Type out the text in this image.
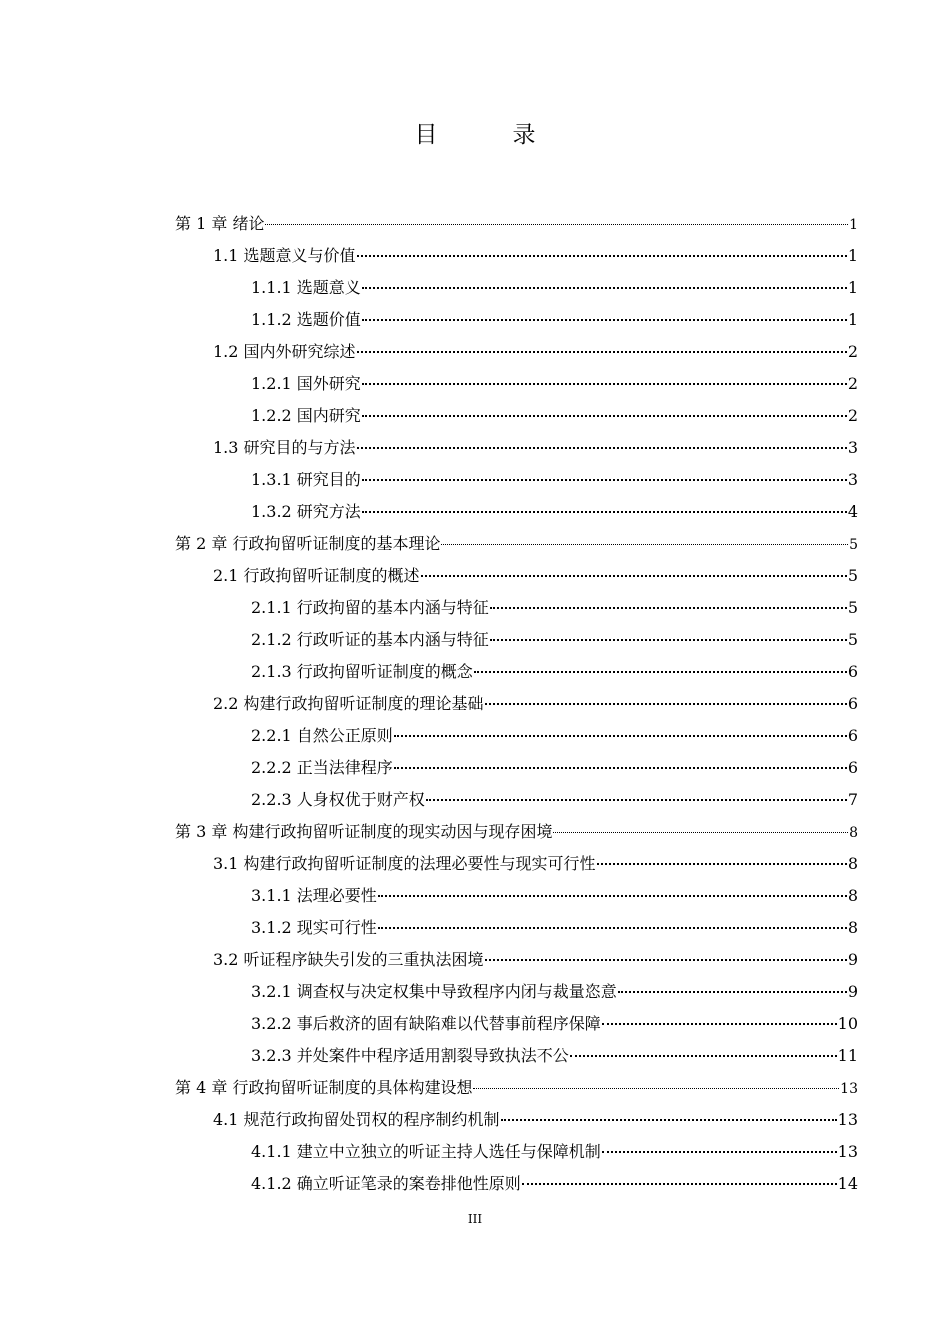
目　录
第 1 章 绪论	1
1.1 选题意义与价值	1
1.1.1 选题意义	1
1.1.2 选题价值	1
1.2 国内外研究综述	2
1.2.1 国外研究	2
1.2.2 国内研究	2
1.3 研究目的与方法	3
1.3.1 研究目的	3
1.3.2 研究方法	4
第 2 章 行政拘留听证制度的基本理论	5
2.1 行政拘留听证制度的概述	5
2.1.1 行政拘留的基本内涵与特征	5
2.1.2 行政听证的基本内涵与特征	5
2.1.3 行政拘留听证制度的概念	6
2.2 构建行政拘留听证制度的理论基础	6
2.2.1 自然公正原则	6
2.2.2 正当法律程序	6
2.2.3 人身权优于财产权	7
第 3 章 构建行政拘留听证制度的现实动因与现存困境	8
3.1 构建行政拘留听证制度的法理必要性与现实可行性	8
3.1.1 法理必要性	8
3.1.2 现实可行性	8
3.2 听证程序缺失引发的三重执法困境	9
3.2.1 调查权与决定权集中导致程序内闭与裁量恣意	9
3.2.2 事后救济的固有缺陷难以代替事前程序保障	10
3.2.3 并处案件中程序适用割裂导致执法不公	11
第 4 章 行政拘留听证制度的具体构建设想	13
4.1 规范行政拘留处罚权的程序制约机制	13
4.1.1 建立中立独立的听证主持人选任与保障机制	13
4.1.2 确立听证笔录的案卷排他性原则	14
III
